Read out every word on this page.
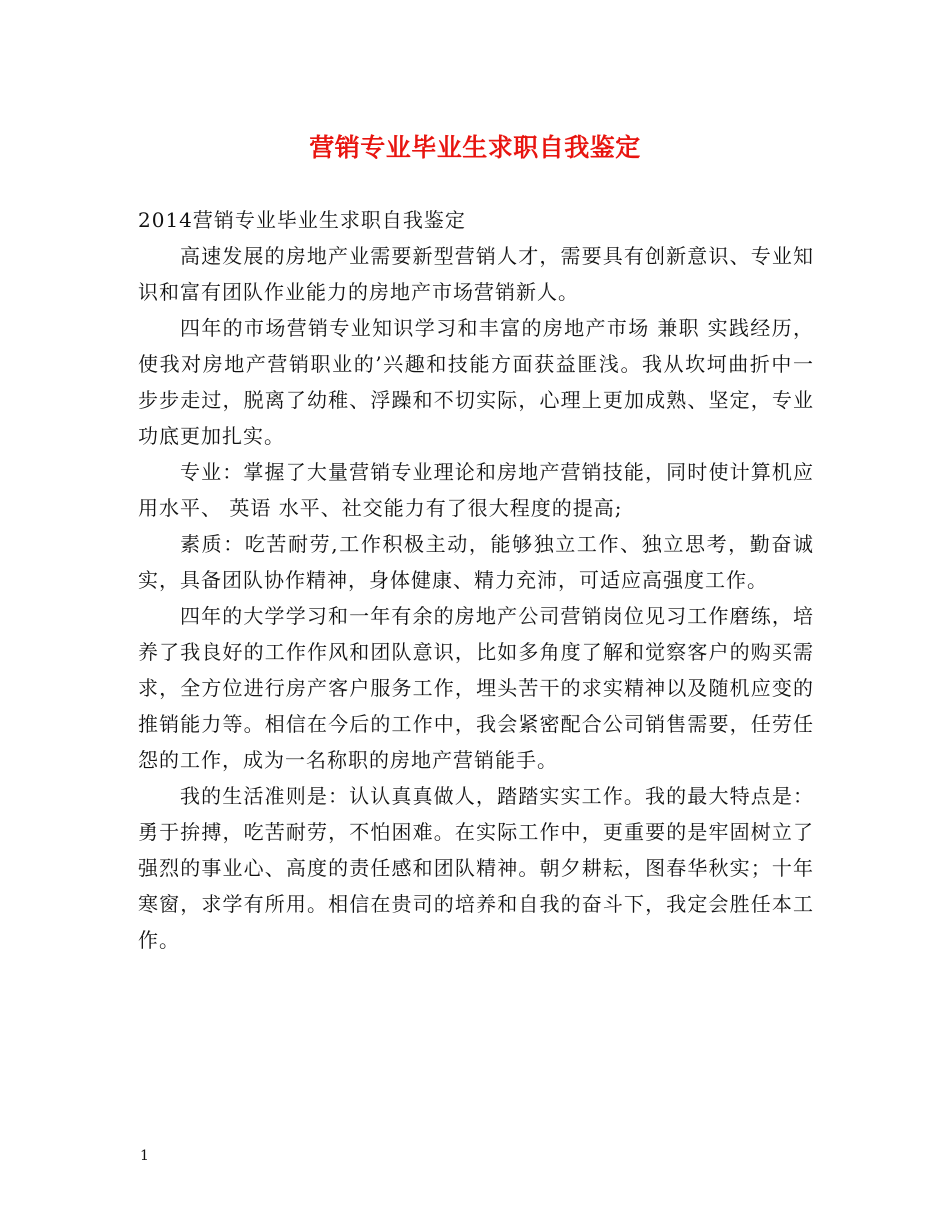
营销专业毕业生求职自我鉴定

2014营销专业毕业生求职自我鉴定

高速发展的房地产业需要新型营销人才，需要具有创新意识、专业知识和富有团队作业能力的房地产市场营销新人。

四年的市场营销专业知识学习和丰富的房地产市场 兼职 实践经历，使我对房地产营销职业的’兴趣和技能方面获益匪浅。我从坎坷曲折中一步步走过，脱离了幼稚、浮躁和不切实际，心理上更加成熟、坚定，专业功底更加扎实。

专业：掌握了大量营销专业理论和房地产营销技能，同时使计算机应用水平、 英语 水平、社交能力有了很大程度的提高;

素质：吃苦耐劳,工作积极主动，能够独立工作、独立思考，勤奋诚实，具备团队协作精神，身体健康、精力充沛，可适应高强度工作。

四年的大学学习和一年有余的房地产公司营销岗位见习工作磨练，培养了我良好的工作作风和团队意识，比如多角度了解和觉察客户的购买需求，全方位进行房产客户服务工作，埋头苦干的求实精神以及随机应变的推销能力等。相信在今后的工作中，我会紧密配合公司销售需要，任劳任怨的工作，成为一名称职的房地产营销能手。

我的生活准则是：认认真真做人，踏踏实实工作。我的最大特点是：勇于拚搏，吃苦耐劳，不怕困难。在实际工作中，更重要的是牢固树立了强烈的事业心、高度的责任感和团队精神。朝夕耕耘，图春华秋实；十年寒窗，求学有所用。相信在贵司的培养和自我的奋斗下，我定会胜任本工作。

1
